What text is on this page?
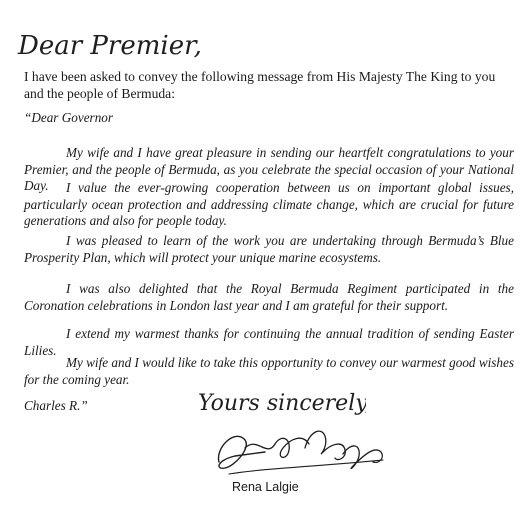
Dear Premier,

I have been asked to convey the following message from His Majesty The King to you and the people of Bermuda:

“Dear Governor

My wife and I have great pleasure in sending our heartfelt congratulations to your Premier, and the people of Bermuda, as you celebrate the special occasion of your National Day.	I value the ever-growing cooperation between us on important global issues, particularly ocean protection and addressing climate change, which are crucial for future generations and also for people today.

I was pleased to learn of the work you are undertaking through Bermuda’s Blue Prosperity Plan, which will protect your unique marine ecosystems.

I was also delighted that the Royal Bermuda Regiment participated in the Coronation celebrations in London last year and I am grateful for their support.

I extend my warmest thanks for continuing the annual tradition of sending Easter Lilies.

My wife and I would like to take this opportunity to convey our warmest good wishes for the coming year.

Charles R.”	Yours sincerely,
Rena Lalgie

Rena Lalgie
